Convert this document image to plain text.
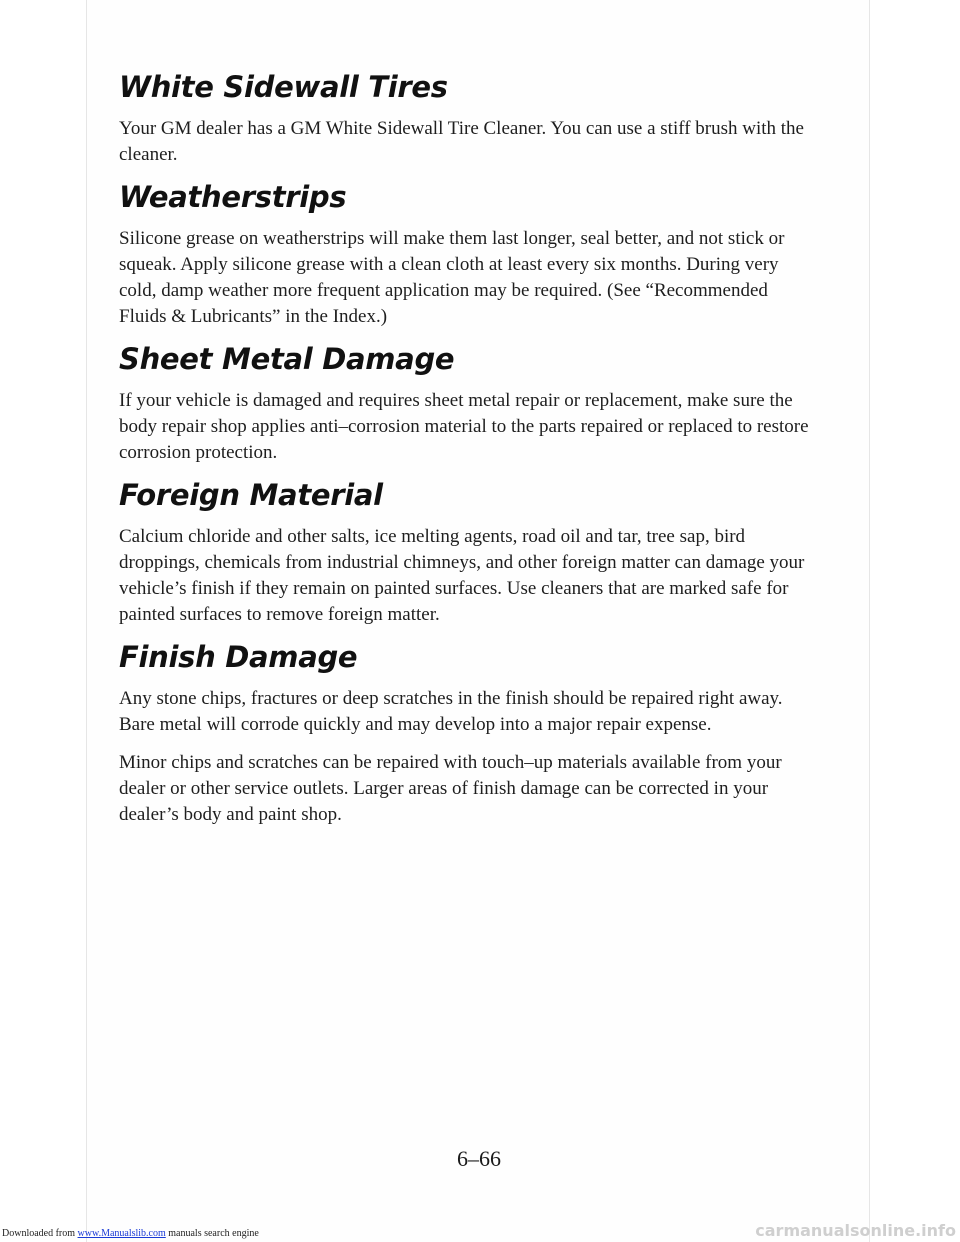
White Sidewall Tires

Your GM dealer has a GM White Sidewall Tire Cleaner. You can use a stiff brush with the cleaner.

Weatherstrips

Silicone grease on weatherstrips will make them last longer, seal better, and not stick or squeak. Apply silicone grease with a clean cloth at least every six months. During very cold, damp weather more frequent application may be required. (See “Recommended Fluids & Lubricants” in the Index.)

Sheet Metal Damage

If your vehicle is damaged and requires sheet metal repair or replacement, make sure the body repair shop applies anti–corrosion material to the parts repaired or replaced to restore corrosion protection.

Foreign Material

Calcium chloride and other salts, ice melting agents, road oil and tar, tree sap, bird droppings, chemicals from industrial chimneys, and other foreign matter can damage your vehicle’s finish if they remain on painted surfaces. Use cleaners that are marked safe for painted surfaces to remove foreign matter.

Finish Damage

Any stone chips, fractures or deep scratches in the finish should be repaired right away. Bare metal will corrode quickly and may develop into a major repair expense.

Minor chips and scratches can be repaired with touch–up materials available from your dealer or other service outlets. Larger areas of finish damage can be corrected in your dealer’s body and paint shop.

6–66
Downloaded from www.Manualslib.com manuals search engine	carmanualsonline.info
